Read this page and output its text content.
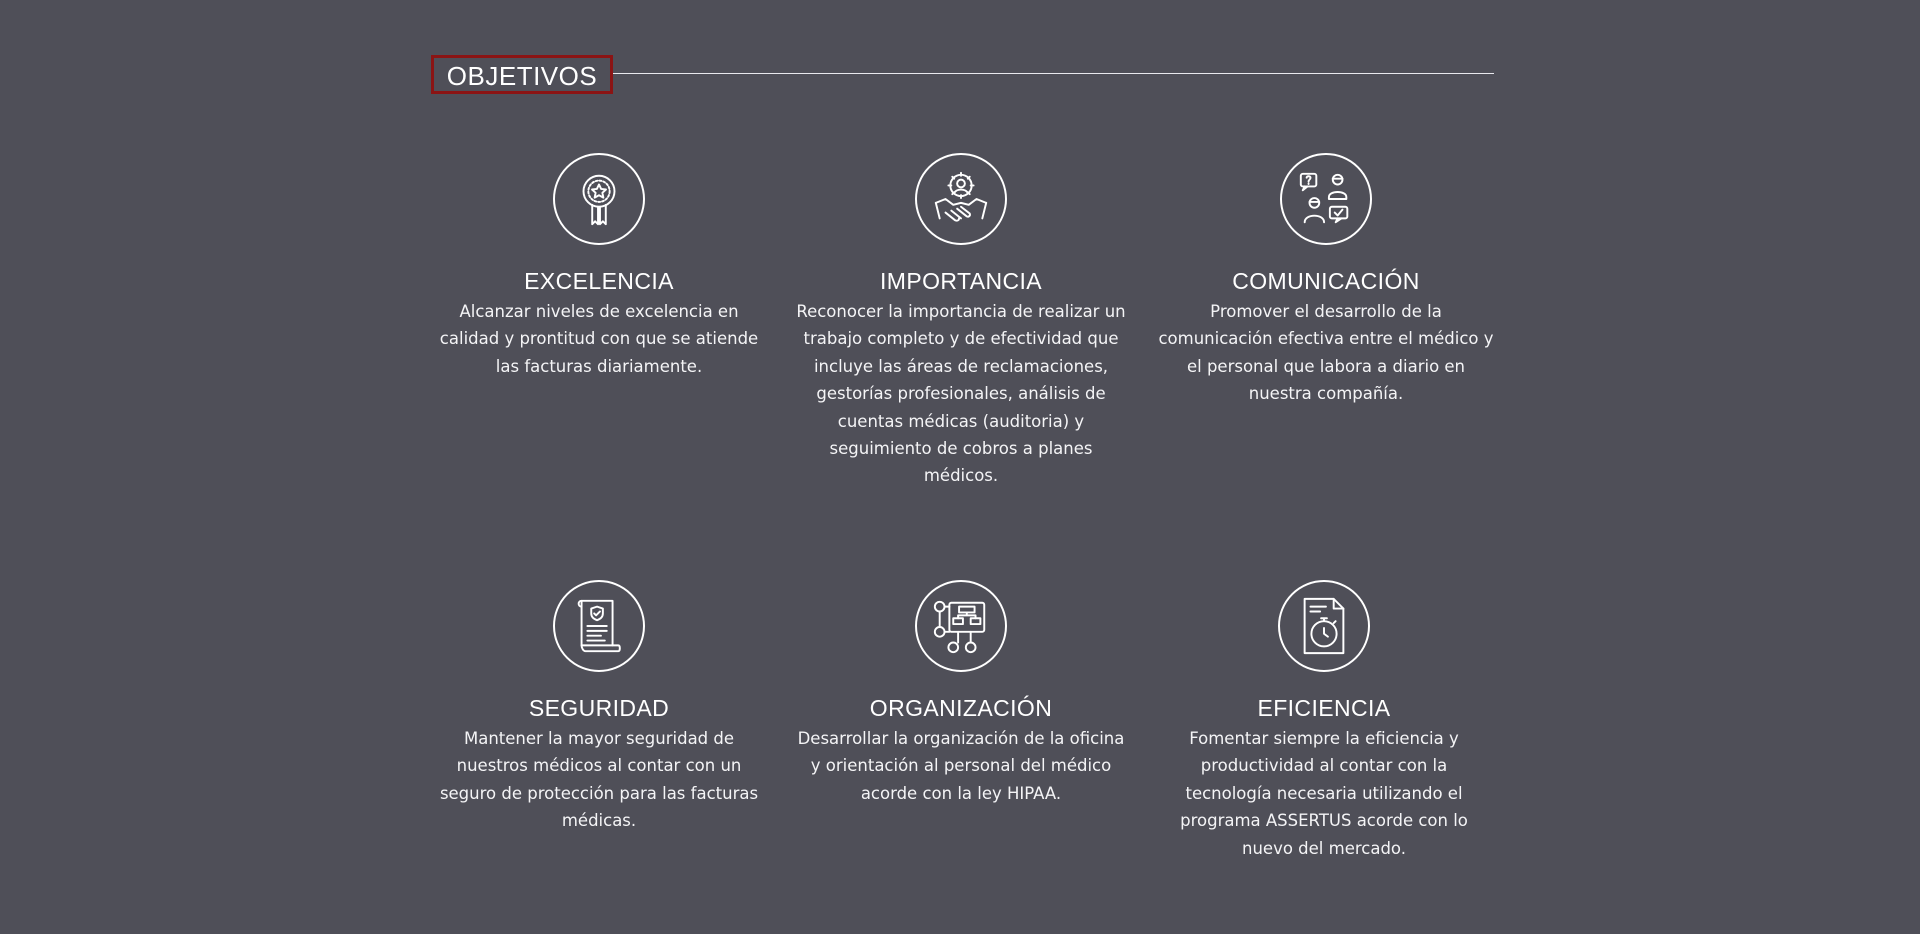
OBJETIVOS
EXCELENCIA
Alcanzar niveles de excelencia en calidad y prontitud con que se atiende las facturas diariamente.
IMPORTANCIA
Reconocer la importancia de realizar un trabajo completo y de efectividad que incluye las áreas de reclamaciones, gestorías profesionales, análisis de cuentas médicas (auditoria) y seguimiento de cobros a planes médicos.
COMUNICACIÓN
Promover el desarrollo de la comunicación efectiva entre el médico y el personal que labora a diario en nuestra compañía.
SEGURIDAD
Mantener la mayor seguridad de nuestros médicos al contar con un seguro de protección para las facturas médicas.
ORGANIZACIÓN
Desarrollar la organización de la oficina y orientación al personal del médico acorde con la ley HIPAA.
EFICIENCIA
Fomentar siempre la eficiencia y productividad al contar con la tecnología necesaria utilizando el programa ASSERTUS acorde con lo nuevo del mercado.
